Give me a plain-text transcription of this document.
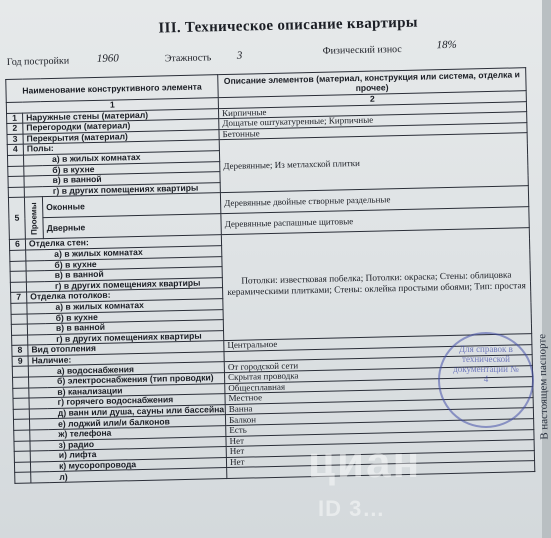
III. Техническое описание квартиры
Год постройки 1960	Этажность 3	Физический износ	18%
Наименование конструктивного элемента			Описание элементов (материал, конструкция или система, отделка и прочее)
1			2
1	Наружные стены (материал)		Кирпичные
2	Перегородки (материал)		Дощатые оштукатуренные; Кирпичные
3	Перекрытия (материал)		Бетонные
4	Полы:		Деревянные; Из метлахской плитки
	а) в жилых комнатах		
	б) в кухне		
	в) в ванной		
	г) в других помещениях квартиры		
5	Проемы	Оконные	Деревянные двойные створные раздельные
		Дверные	Деревянные распашные щитовые
6	Отделка стен:		Потолки: известковая побелка; Потолки: окраска; Стены: облицовка керамическими плитками; Стены: оклейка простыми обоями; Тип: простая
	а) в жилых комнатах		
	б) в кухне		
	в) в ванной		
	г) в других помещениях квартиры		
7	Отделка потолков:		
	а) в жилых комнатах		
	б) в кухне		
	в) в ванной		
	г) в других помещениях квартиры		
8	Вид отопления		Центральное
9	Наличие:		
	а) водоснабжения		От городской сети
	б) электроснабжения (тип проводки)		Скрытая проводка
	в) канализации		Общесплавная
	г) горячего водоснабжения		Местное
	д) ванн или душа, сауны или бассейна		Ванна
	е) лоджий или/и балконов		Балкон
	ж) телефона		Есть
	з) радио		Нет
	и) лифта		Нет
	к) мусоропровода		Нет
	л)		
В настоящем паспорте
Для справок в технической документации № 4
циан
ID 3…
